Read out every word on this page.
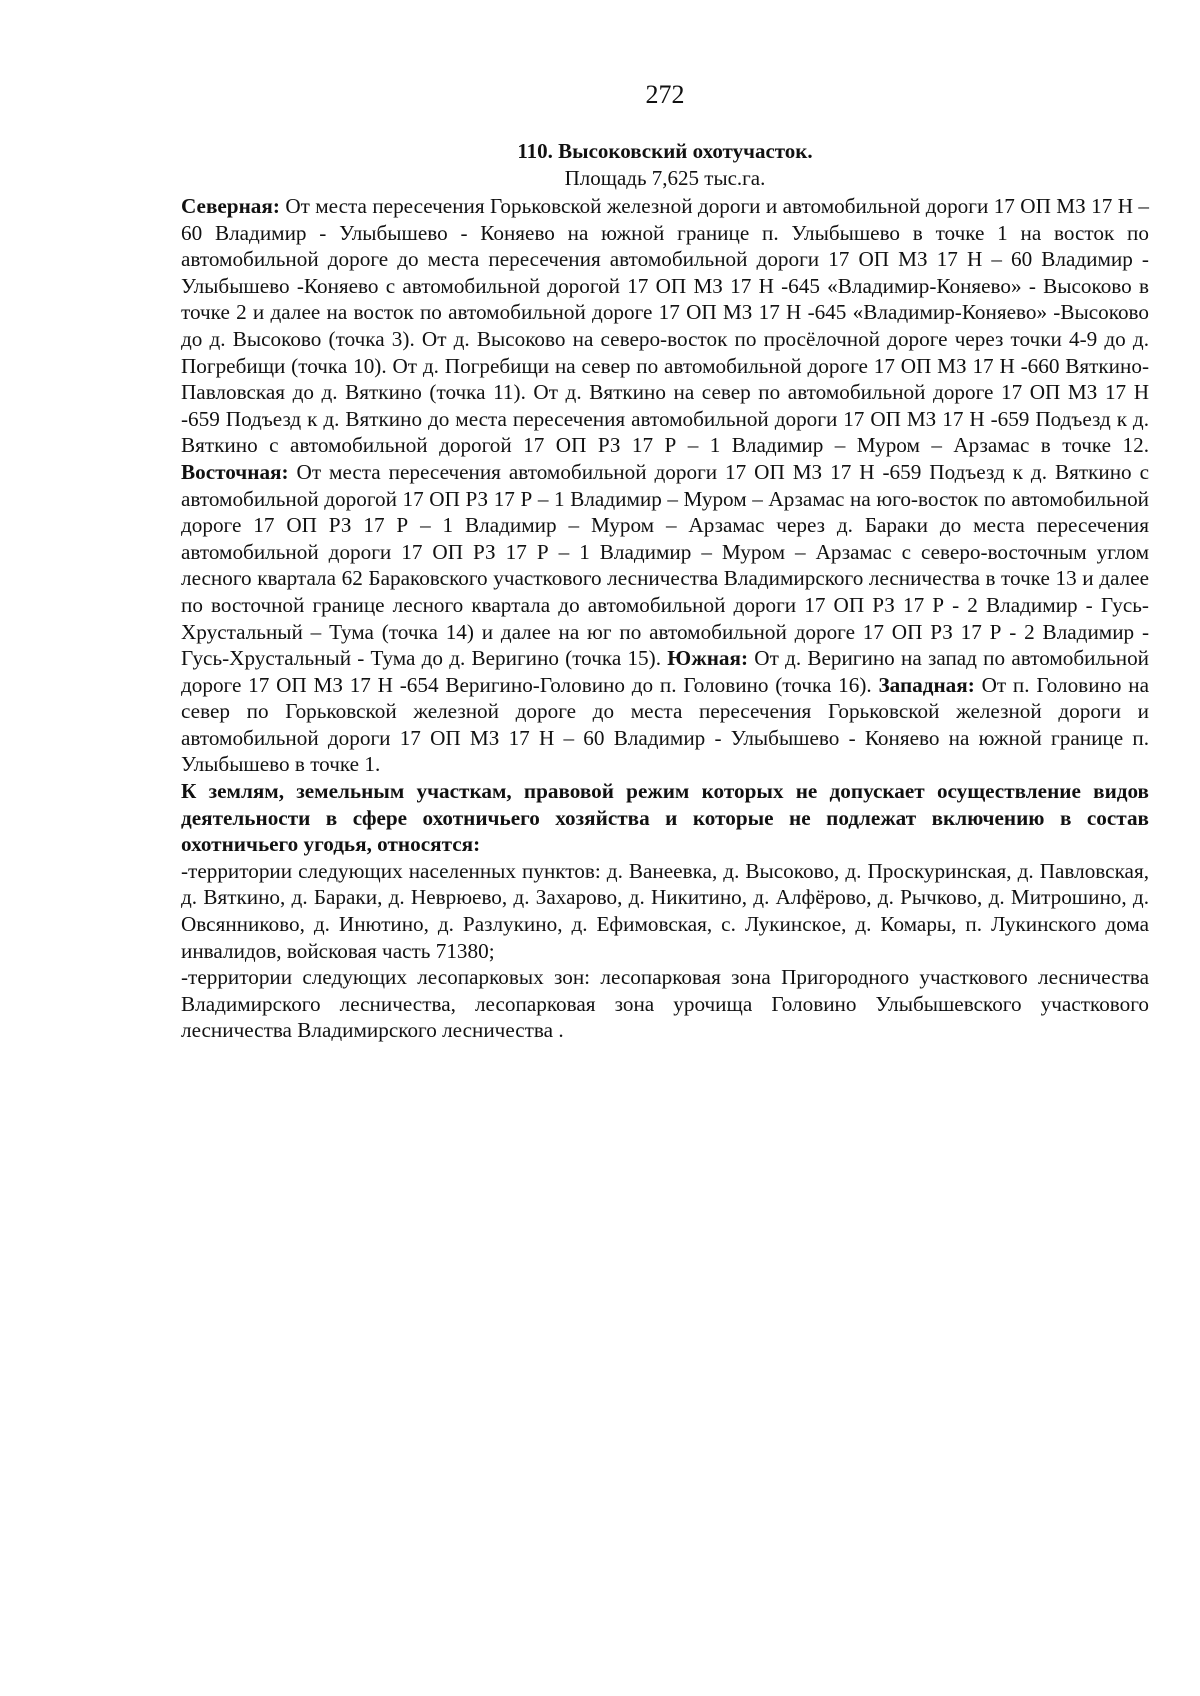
272
110. Высоковский охотучасток.
Площадь 7,625 тыс.га.

Северная: От места пересечения Горьковской железной дороги и автомобильной дороги 17 ОП МЗ 17 Н – 60 Владимир - Улыбышево - Коняево на южной границе п. Улыбышево в точке 1 на восток по автомобильной дороге до места пересечения автомобильной дороги 17 ОП МЗ 17 Н – 60 Владимир - Улыбышево -Коняево с автомобильной дорогой 17 ОП МЗ 17 Н -645 «Владимир-Коняево» - Высоково в точке 2 и далее на восток по автомобильной дороге 17 ОП МЗ 17 Н -645 «Владимир-Коняево» -Высоково до д. Высоково (точка 3). От д. Высоково на северо-восток по просёлочной дороге через точки 4-9 до д. Погребищи (точка 10). От д. Погребищи на север по автомобильной дороге 17 ОП МЗ 17 Н -660 Вяткино-Павловская до д. Вяткино (точка 11). От д. Вяткино на север по автомобильной дороге 17 ОП МЗ 17 Н -659 Подъезд к д. Вяткино до места пересечения автомобильной дороги 17 ОП МЗ 17 Н -659 Подъезд к д. Вяткино с автомобильной дорогой 17 ОП РЗ 17 Р – 1 Владимир – Муром – Арзамас в точке 12. Восточная: От места пересечения автомобильной дороги 17 ОП МЗ 17 Н -659 Подъезд к д. Вяткино с автомобильной дорогой 17 ОП РЗ 17 Р – 1 Владимир – Муром – Арзамас на юго-восток по автомобильной дороге 17 ОП РЗ 17 Р – 1 Владимир – Муром – Арзамас через д. Бараки до места пересечения автомобильной дороги 17 ОП РЗ 17 Р – 1 Владимир – Муром – Арзамас с северо-восточным углом лесного квартала 62 Бараковского участкового лесничества Владимирского лесничества в точке 13 и далее по восточной границе лесного квартала до автомобильной дороги 17 ОП РЗ 17 Р - 2 Владимир - Гусь-Хрустальный – Тума (точка 14) и далее на юг по автомобильной дороге 17 ОП РЗ 17 Р - 2 Владимир - Гусь-Хрустальный - Тума до д. Веригино (точка 15). Южная: От д. Веригино на запад по автомобильной дороге 17 ОП МЗ 17 Н -654 Веригино-Головино до п. Головино (точка 16). Западная: От п. Головино на север по Горьковской железной дороге до места пересечения Горьковской железной дороги и автомобильной дороги 17 ОП МЗ 17 Н – 60 Владимир - Улыбышево - Коняево на южной границе п. Улыбышево в точке 1.

К землям, земельным участкам, правовой режим которых не допускает осуществление видов деятельности в сфере охотничьего хозяйства и которые не подлежат включению в состав охотничьего угодья, относятся:

-территории следующих населенных пунктов: д. Ванеевка, д. Высоково, д. Проскуринская, д. Павловская, д. Вяткино, д. Бараки, д. Неврюево, д. Захарово, д. Никитино, д. Алфёрово, д. Рычково, д. Митрошино, д. Овсянниково, д. Инютино, д. Разлукино, д. Ефимовская, с. Лукинское, д. Комары, п. Лукинского дома инвалидов, войсковая часть 71380;

-территории следующих лесопарковых зон: лесопарковая зона Пригородного участкового лесничества Владимирского лесничества, лесопарковая зона урочища Головино Улыбышевского участкового лесничества Владимирского лесничества .
